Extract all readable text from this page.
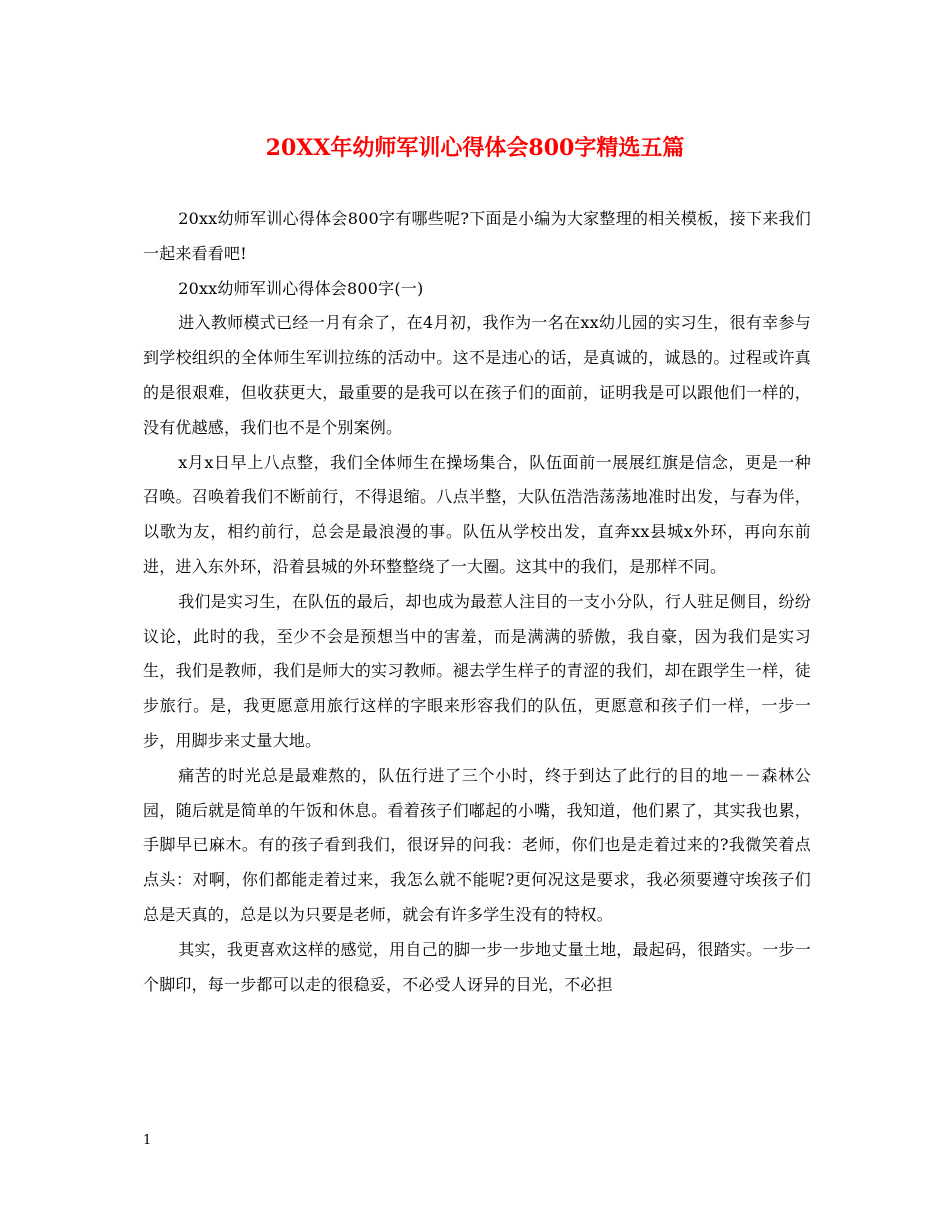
20XX年幼师军训心得体会800字精选五篇

20xx幼师军训心得体会800字有哪些呢?下面是小编为大家整理的相关模板，接下来我们一起来看看吧!

20xx幼师军训心得体会800字(一)

进入教师模式已经一月有余了，在4月初，我作为一名在xx幼儿园的实习生，很有幸参与到学校组织的全体师生军训拉练的活动中。这不是违心的话，是真诚的，诚恳的。过程或许真的是很艰难，但收获更大，最重要的是我可以在孩子们的面前，证明我是可以跟他们一样的，没有优越感，我们也不是个别案例。

x月x日早上八点整，我们全体师生在操场集合，队伍面前一展展红旗是信念，更是一种召唤。召唤着我们不断前行，不得退缩。八点半整，大队伍浩浩荡荡地准时出发，与春为伴，以歌为友，相约前行，总会是最浪漫的事。队伍从学校出发，直奔xx县城x外环，再向东前进，进入东外环，沿着县城的外环整整绕了一大圈。这其中的我们，是那样不同。

我们是实习生，在队伍的最后，却也成为最惹人注目的一支小分队，行人驻足侧目，纷纷议论，此时的我，至少不会是预想当中的害羞，而是满满的骄傲，我自豪，因为我们是实习生，我们是教师，我们是师大的实习教师。褪去学生样子的青涩的我们，却在跟学生一样，徒步旅行。是，我更愿意用旅行这样的字眼来形容我们的队伍，更愿意和孩子们一样，一步一步，用脚步来丈量大地。

痛苦的时光总是最难熬的，队伍行进了三个小时，终于到达了此行的目的地－－森林公园，随后就是简单的午饭和休息。看着孩子们嘟起的小嘴，我知道，他们累了，其实我也累，手脚早已麻木。有的孩子看到我们，很讶异的问我：老师，你们也是走着过来的?我微笑着点点头：对啊，你们都能走着过来，我怎么就不能呢?更何况这是要求，我必须要遵守埃孩子们总是天真的，总是以为只要是老师，就会有许多学生没有的特权。

其实，我更喜欢这样的感觉，用自己的脚一步一步地丈量土地，最起码，很踏实。一步一个脚印，每一步都可以走的很稳妥，不必受人讶异的目光，不必担

1
